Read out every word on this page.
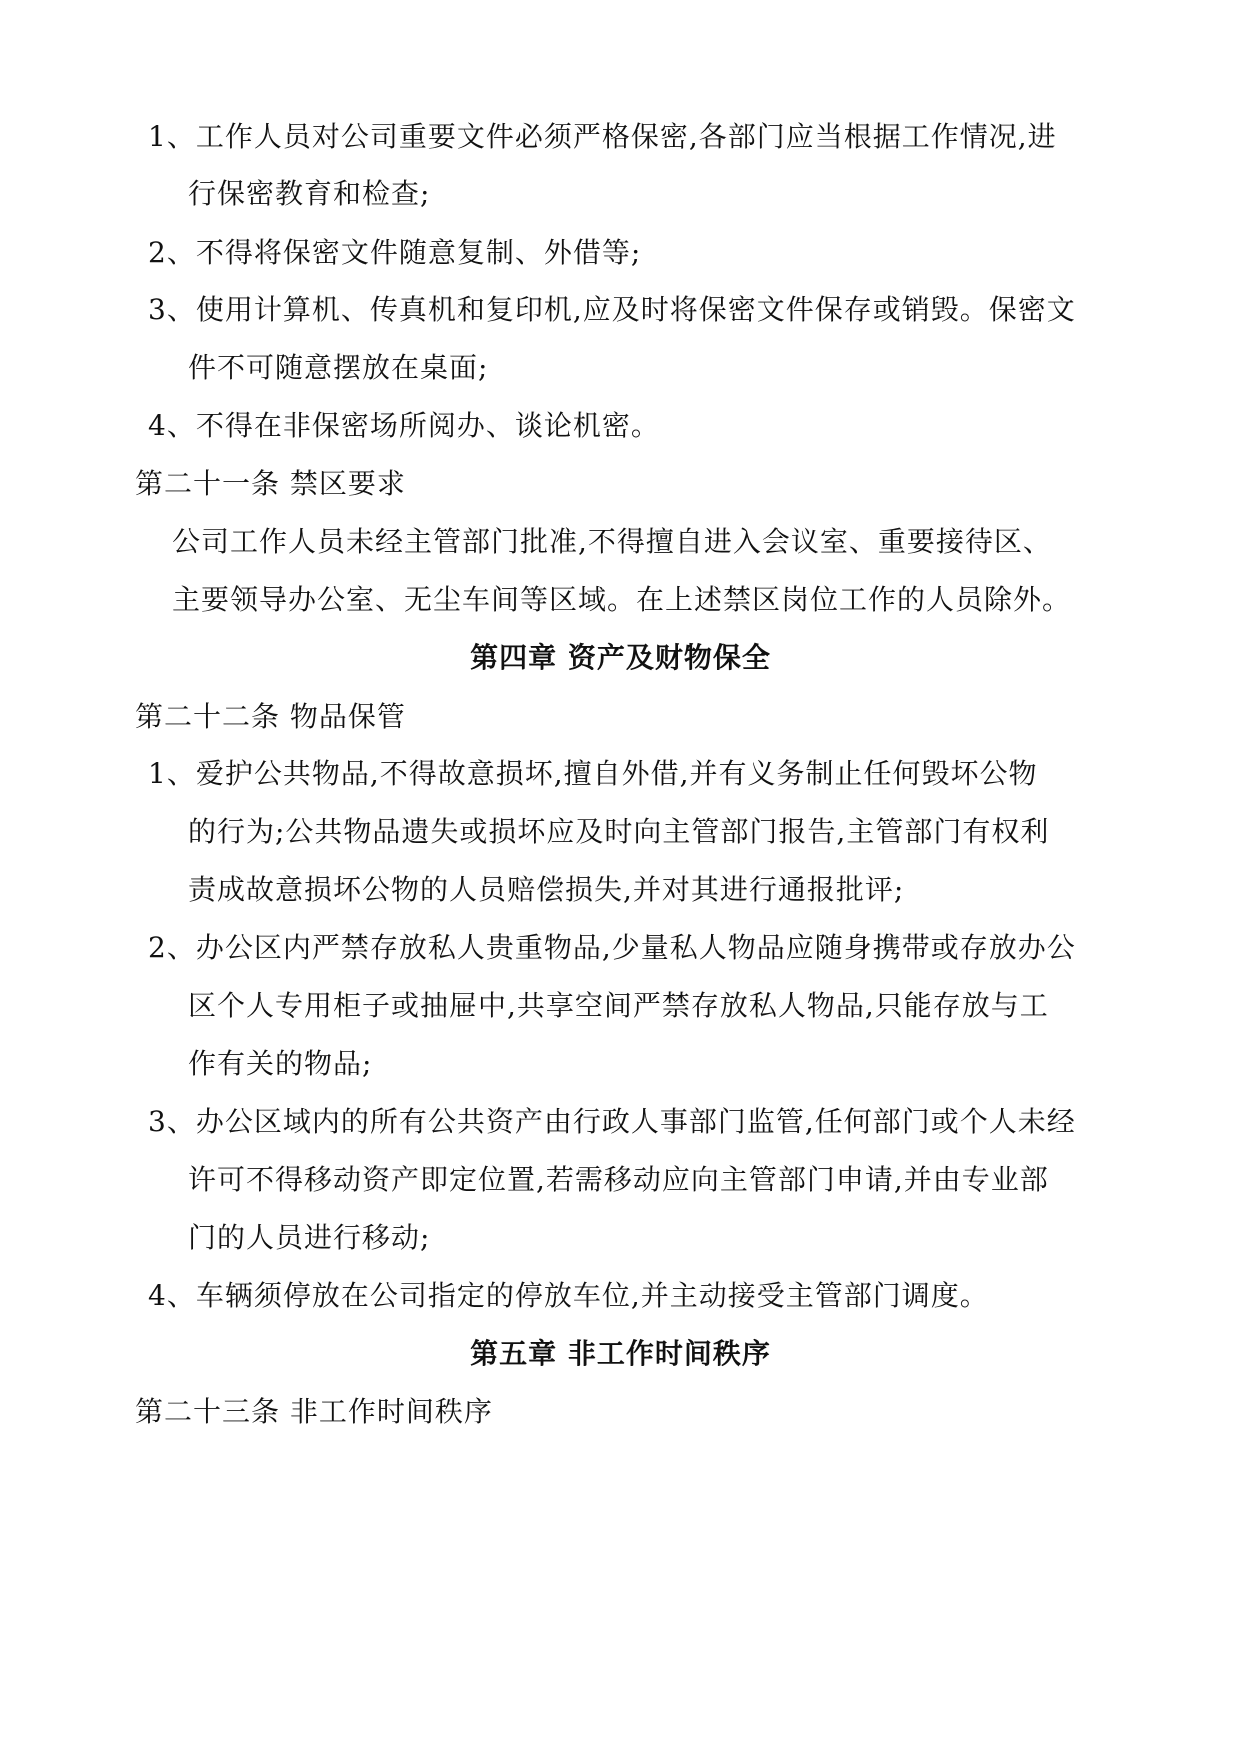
1、工作人员对公司重要文件必须严格保密,各部门应当根据工作情况,进
行保密教育和检查;
2、不得将保密文件随意复制、外借等;
3、使用计算机、传真机和复印机,应及时将保密文件保存或销毁。保密文
件不可随意摆放在桌面;
4、不得在非保密场所阅办、谈论机密。
第二十一条 禁区要求
公司工作人员未经主管部门批准,不得擅自进入会议室、重要接待区、
主要领导办公室、无尘车间等区域。在上述禁区岗位工作的人员除外。
第四章 资产及财物保全
第二十二条 物品保管
1、爱护公共物品,不得故意损坏,擅自外借,并有义务制止任何毁坏公物
的行为;公共物品遗失或损坏应及时向主管部门报告,主管部门有权利
责成故意损坏公物的人员赔偿损失,并对其进行通报批评;
2、办公区内严禁存放私人贵重物品,少量私人物品应随身携带或存放办公
区个人专用柜子或抽屉中,共享空间严禁存放私人物品,只能存放与工
作有关的物品;
3、办公区域内的所有公共资产由行政人事部门监管,任何部门或个人未经
许可不得移动资产即定位置,若需移动应向主管部门申请,并由专业部
门的人员进行移动;
4、车辆须停放在公司指定的停放车位,并主动接受主管部门调度。
第五章 非工作时间秩序
第二十三条 非工作时间秩序
